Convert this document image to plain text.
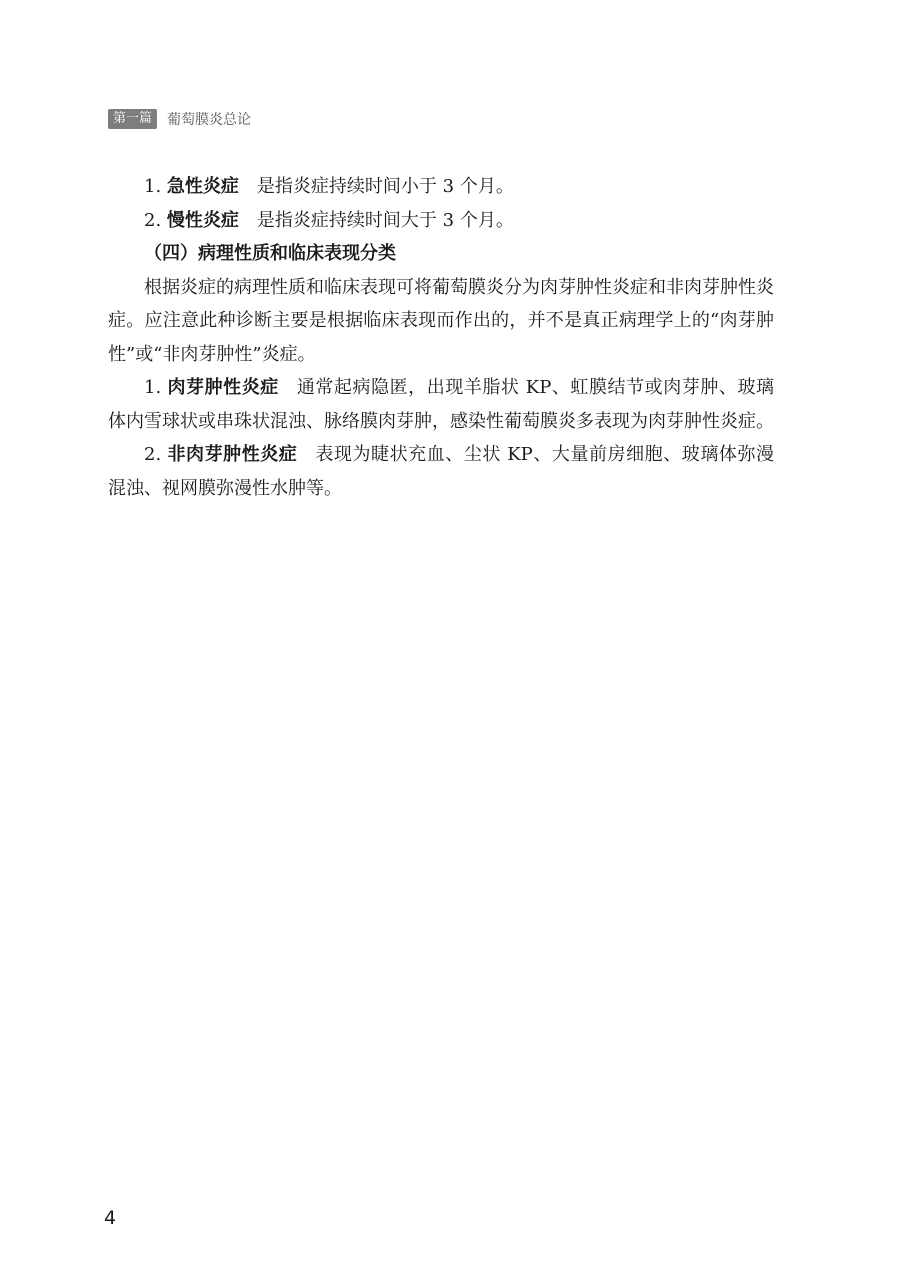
第一篇	葡萄膜炎总论

1. 急性炎症 是指炎症持续时间小于 3 个月。

2. 慢性炎症 是指炎症持续时间大于 3 个月。

（四）病理性质和临床表现分类

根据炎症的病理性质和临床表现可将葡萄膜炎分为肉芽肿性炎症和非肉芽肿性炎症。应注意此种诊断主要是根据临床表现而作出的，并不是真正病理学上的“肉芽肿性”或“非肉芽肿性”炎症。

1. 肉芽肿性炎症 通常起病隐匿，出现羊脂状 KP、虹膜结节或肉芽肿、玻璃体内雪球状或串珠状混浊、脉络膜肉芽肿，感染性葡萄膜炎多表现为肉芽肿性炎症。

2. 非肉芽肿性炎症 表现为睫状充血、尘状 KP、大量前房细胞、玻璃体弥漫混浊、视网膜弥漫性水肿等。

4
